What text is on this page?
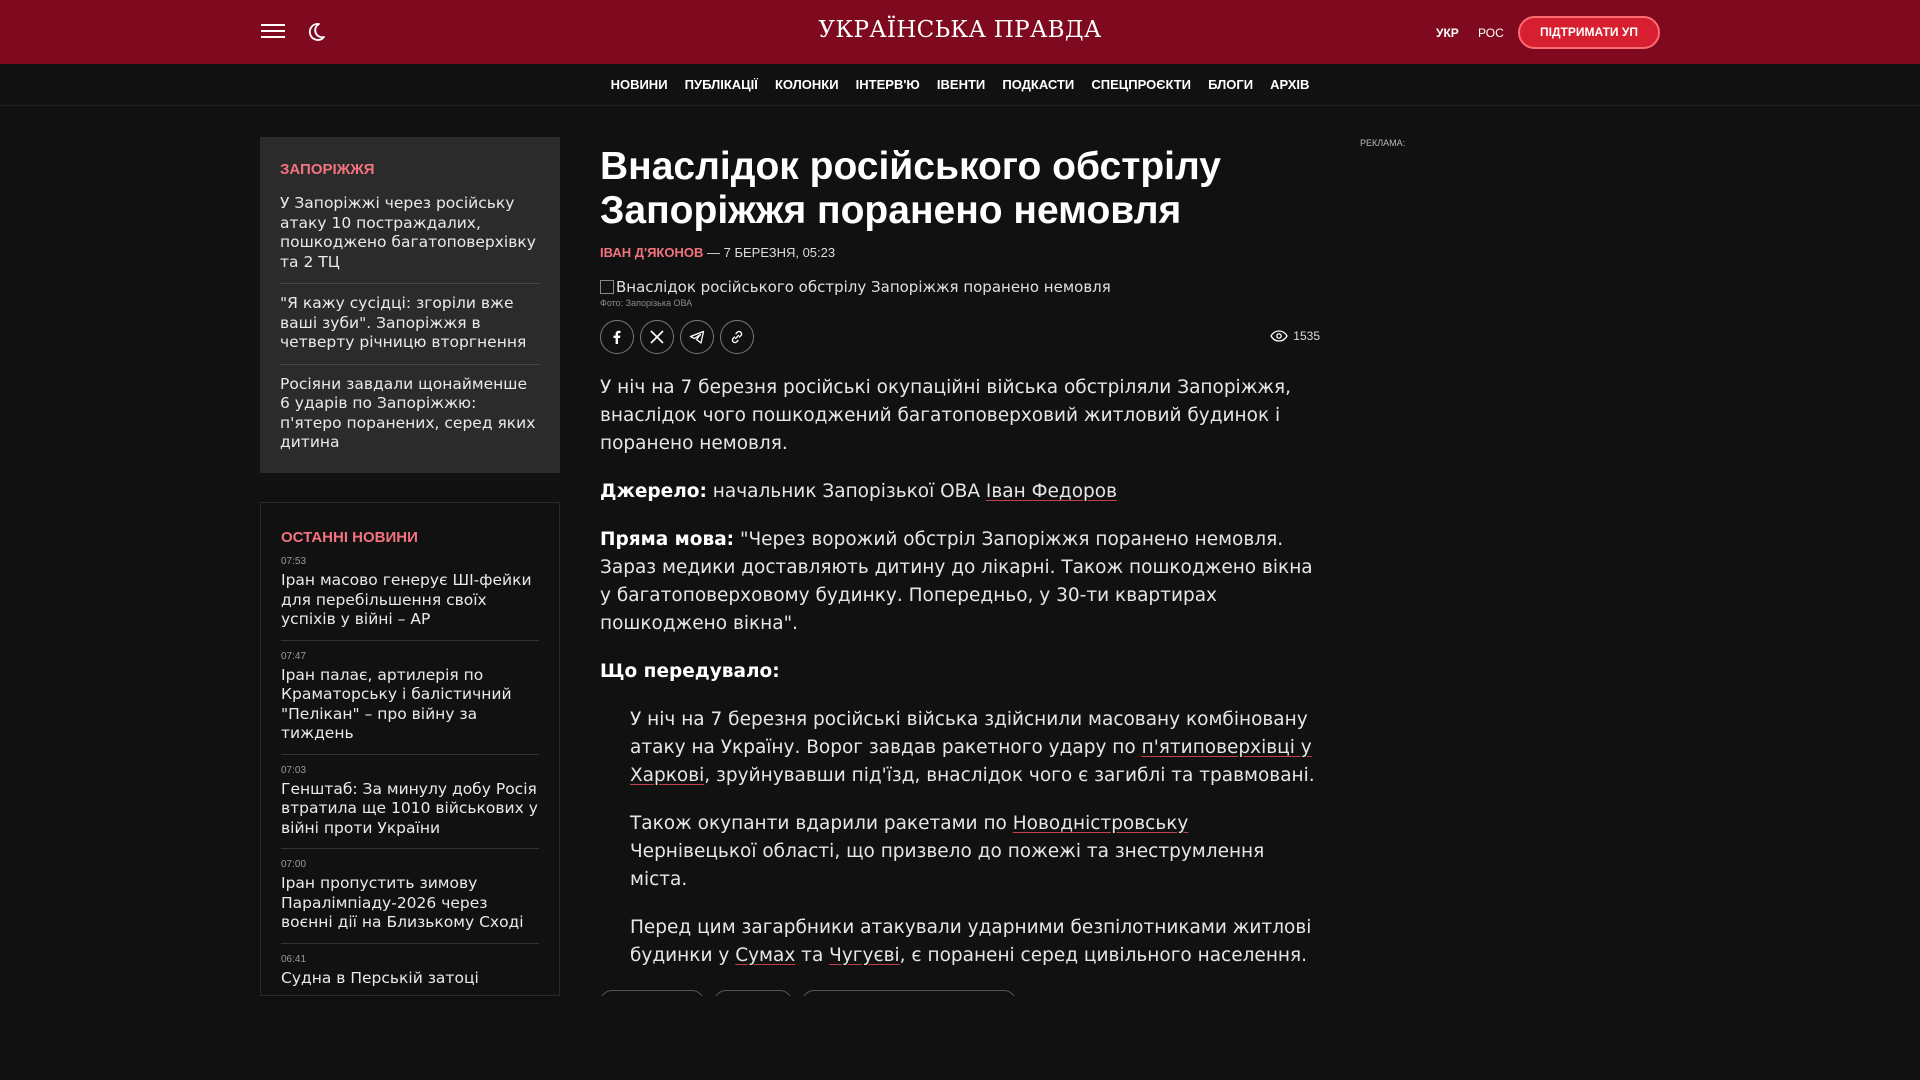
УКРАЇНСЬКА ПРАВДА	УКР РОС	ПІДТРИМАТИ УП
НОВИНИ ПУБЛІКАЦІЇ КОЛОНКИ ІНТЕРВ'Ю ІВЕНТИ ПОДКАСТИ СПЕЦПРОЄКТИ БЛОГИ АРХІВ
ЗАПОРІЖЖЯ
У Запоріжжі через російську атаку 10 постраждалих, пошкоджено багатоповерхівку та 2 ТЦ
"Я кажу сусідці: згоріли вже ваші зуби". Запоріжжя в четверту річницю вторгнення
Росіяни завдали щонайменше 6 ударів по Запоріжжю: п'ятеро поранених, серед яких дитина
ОСТАННІ НОВИНИ
07:53
Іран масово генерує ШІ-фейки для перебільшення своїх успіхів у війні – AP
07:47
Іран палає, артилерія по Краматорську і балістичний "Пелікан" – про війну за тиждень
07:03
Генштаб: За минулу добу Росія втратила ще 1010 військових у війні проти України
07:00
Іран пропустить зимову Паралімпіаду-2026 через воєнні дії на Близькому Сході
06:41
Судна в Перській затоці
Внаслідок російського обстрілу Запоріжжя поранено немовля
ІВАН Д'ЯКОНОВ — 7 БЕРЕЗНЯ, 05:23
Внаслідок російського обстрілу Запоріжжя поранено немовля
Фото: Запорізька ОВА
1535

У ніч на 7 березня російські окупаційні війська обстріляли Запоріжжя, внаслідок чого пошкоджений багатоповерховий житловий будинок і поранено немовля.

Джерело: начальник Запорізької ОВА Іван Федоров

Пряма мова: "Через ворожий обстріл Запоріжжя поранено немовля. Зараз медики доставляють дитину до лікарні. Також пошкоджено вікна у багатоповерховому будинку. Попередньо, у 30-ти квартирах пошкоджено вікна".

Що передувало:

У ніч на 7 березня російські війська здійснили масовану комбіновану атаку на Україну. Ворог завдав ракетного удару по п'ятиповерхівці у Харкові, зруйнувавши під'їзд, внаслідок чого є загиблі та травмовані.

Також окупанти вдарили ракетами по Новодністровську Чернівецької області, що призвело до пожежі та знеструмлення міста.

Перед цим загарбники атакували ударними безпілотниками житлові будинки у Сумах та Чугуєві, є поранені серед цивільного населення.

РЕКЛАМА:
